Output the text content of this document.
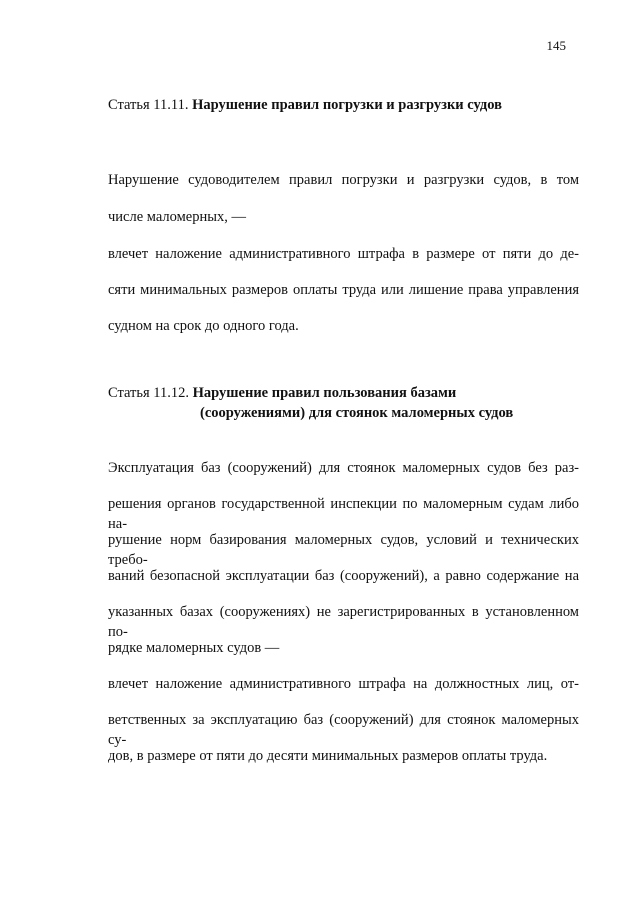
145
Статья 11.11. Нарушение правил погрузки и разгрузки судов
Нарушение судоводителем правил погрузки и разгрузки судов, в том
числе маломерных, —
влечет наложение административного штрафа в размере от пяти до де-
сяти минимальных размеров оплаты труда или лишение права управления
судном на срок до одного года.
Статья 11.12. Нарушение правил пользования базами
(сооружениями) для стоянок маломерных судов
Эксплуатация баз (сооружений) для стоянок маломерных судов без раз-
решения органов государственной инспекции по маломерным судам либо на-
рушение норм базирования маломерных судов, условий и технических требо-
ваний безопасной эксплуатации баз (сооружений), а равно содержание на
указанных базах (сооружениях) не зарегистрированных в установленном по-
рядке маломерных судов —
влечет наложение административного штрафа на должностных лиц, от-
ветственных за эксплуатацию баз (сооружений) для стоянок маломерных су-
дов, в размере от пяти до десяти минимальных размеров оплаты труда.
